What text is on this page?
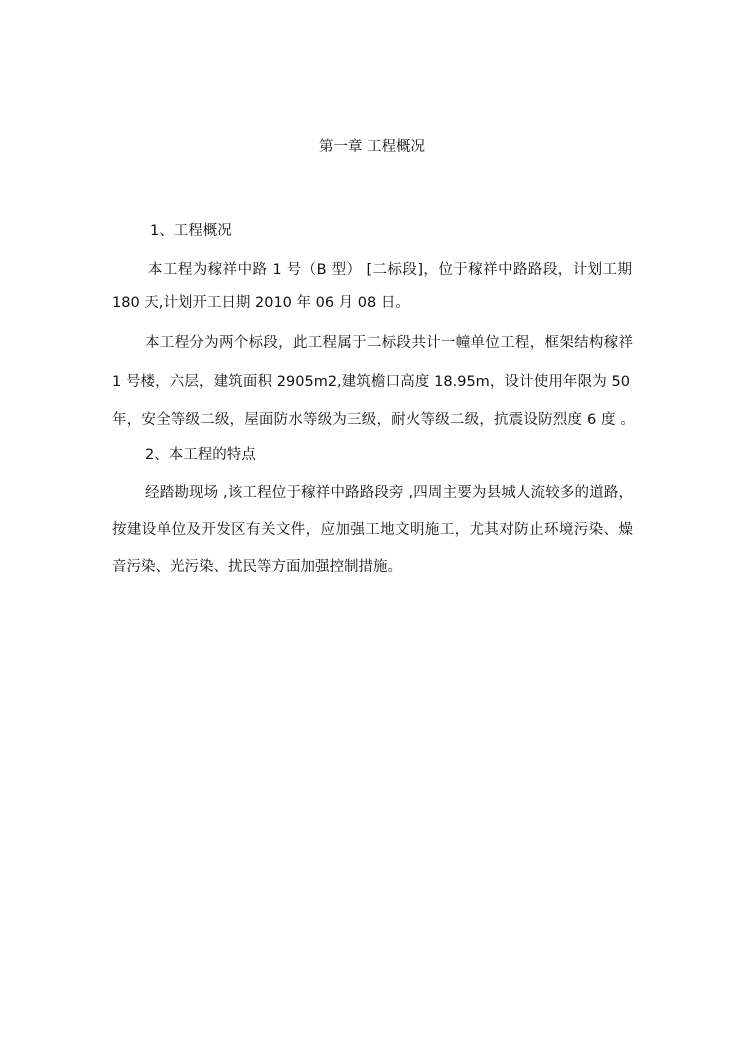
第一章 工程概况
1、工程概况
本工程为稼祥中路 1 号（B 型） [二标段]，位于稼祥中路路段，计划工期
180 天,计划开工日期 2010 年 06 月 08 日。
本工程分为两个标段，此工程属于二标段共计一幢单位工程，框架结构稼祥
1 号楼，六层，建筑面积 2905m2,建筑檐口高度 18.95m，设计使用年限为 50
年，安全等级二级，屋面防水等级为三级，耐火等级二级，抗震设防烈度 6 度 。
2、本工程的特点
经踏勘现场 ,该工程位于稼祥中路路段旁 ,四周主要为县城人流较多的道路，
按建设单位及开发区有关文件，应加强工地文明施工，尤其对防止环境污染、燥
音污染、光污染、扰民等方面加强控制措施。
